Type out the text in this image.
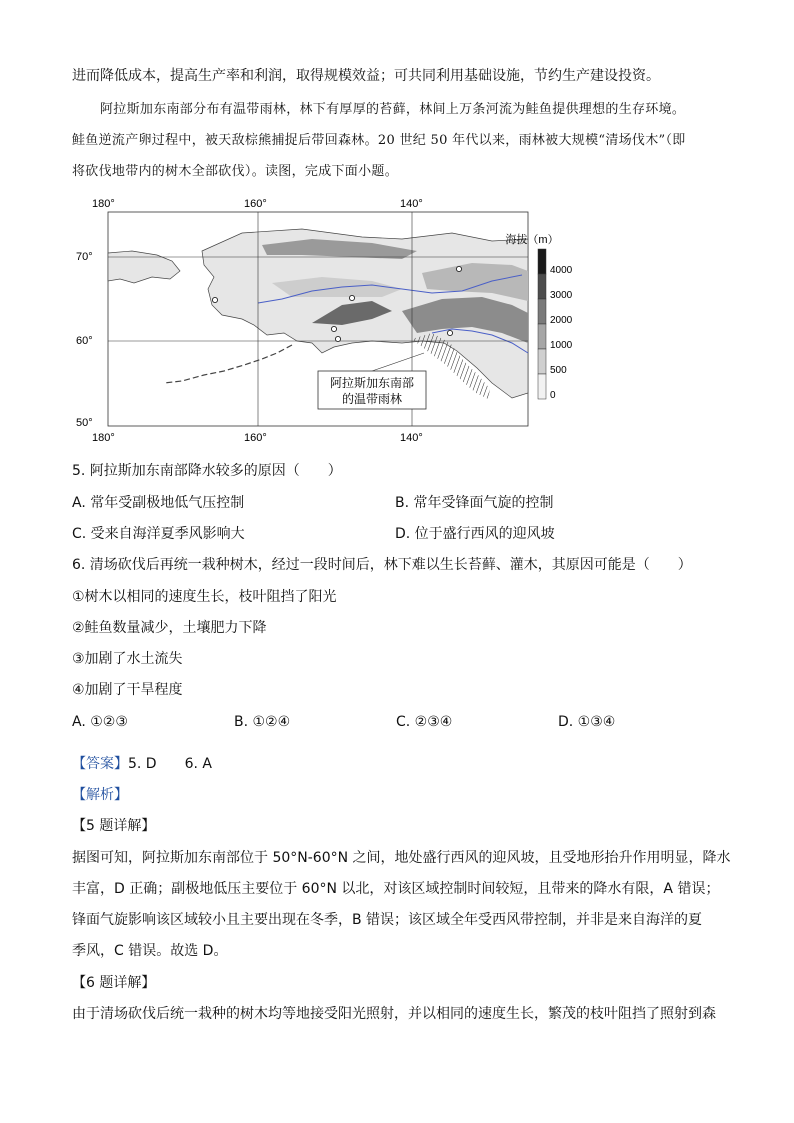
进而降低成本，提高生产率和利润，取得规模效益；可共同利用基础设施，节约生产建设投资。
阿拉斯加东南部分布有温带雨林，林下有厚厚的苔藓，林间上万条河流为鲑鱼提供理想的生存环境。
鲑鱼逆流产卵过程中，被天敌棕熊捕捉后带回森林。20 世纪 50 年代以来，雨林被大规模“清场伐木”（即
将砍伐地带内的树木全部砍伐）。读图，完成下面小题。
180°	160°	140°
180°	160°	140°
70°
60°
50°
阿拉斯加东南部
的温带雨林
海拔（m）
4000
3000
2000
1000
500
0
5. 阿拉斯加东南部降水较多的原因（　　）
A. 常年受副极地低气压控制	B. 常年受锋面气旋的控制
C. 受来自海洋夏季风影响大	D. 位于盛行西风的迎风坡
6. 清场砍伐后再统一栽种树木，经过一段时间后，林下难以生长苔藓、灌木，其原因可能是（　　）
①树木以相同的速度生长，枝叶阻挡了阳光
②鲑鱼数量减少，土壤肥力下降
③加剧了水土流失
④加剧了干旱程度
A. ①②③	B. ①②④	C. ②③④	D. ①③④
【答案】5. D　　6. A
【解析】
【5 题详解】
据图可知，阿拉斯加东南部位于 50°N-60°N 之间，地处盛行西风的迎风坡，且受地形抬升作用明显，降水
丰富，D 正确；副极地低压主要位于 60°N 以北，对该区域控制时间较短，且带来的降水有限，A 错误；
锋面气旋影响该区域较小且主要出现在冬季，B 错误；该区域全年受西风带控制，并非是来自海洋的夏
季风，C 错误。故选 D。
【6 题详解】
由于清场砍伐后统一栽种的树木均等地接受阳光照射，并以相同的速度生长，繁茂的枝叶阻挡了照射到森
